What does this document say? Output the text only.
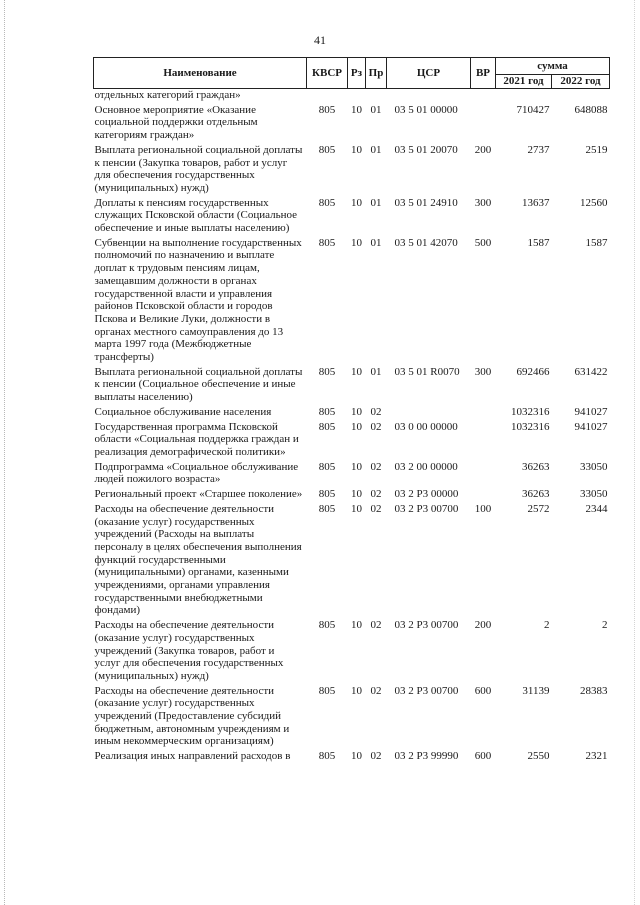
41
Наименование	КВСР	Рз	Пр	ЦСР	ВР	сумма	
						2021 год	2022 год
отдельных категорий граждан»							
Основное мероприятие «Оказание социальной поддержки отдельным категориям граждан»	805	10	01	03 5 01 00000		710427	648088
Выплата региональной социальной доплаты к пенсии (Закупка товаров, работ и услуг для обеспечения государственных (муниципальных) нужд)	805	10	01	03 5 01 20070	200	2737	2519
Доплаты к пенсиям государственных служащих Псковской области (Социальное обеспечение и иные выплаты населению)	805	10	01	03 5 01 24910	300	13637	12560
Субвенции на выполнение государственных полномочий по назначению и выплате доплат к трудовым пенсиям лицам, замещавшим должности в органах государственной власти и управления районов Псковской области и городов Пскова и Великие Луки, должности в органах местного самоуправления до 13 марта 1997 года (Межбюджетные трансферты)	805	10	01	03 5 01 42070	500	1587	1587
Выплата региональной социальной доплаты к пенсии (Социальное обеспечение и иные выплаты населению)	805	10	01	03 5 01 R0070	300	692466	631422
Социальное обслуживание населения	805	10	02			1032316	941027
Государственная программа Псковской области «Социальная поддержка граждан и реализация демографической политики»	805	10	02	03 0 00 00000		1032316	941027
Подпрограмма «Социальное обслуживание людей пожилого возраста»	805	10	02	03 2 00 00000		36263	33050
Региональный проект «Старшее поколение»	805	10	02	03 2 P3 00000		36263	33050
Расходы на обеспечение деятельности (оказание услуг) государственных учреждений (Расходы на выплаты персоналу в целях обеспечения выполнения функций государственными (муниципальными) органами, казенными учреждениями, органами управления государственными внебюджетными фондами)	805	10	02	03 2 P3 00700	100	2572	2344
Расходы на обеспечение деятельности (оказание услуг) государственных учреждений (Закупка товаров, работ и услуг для обеспечения государственных (муниципальных) нужд)	805	10	02	03 2 P3 00700	200	2	2
Расходы на обеспечение деятельности (оказание услуг) государственных учреждений (Предоставление субсидий бюджетным, автономным учреждениям и иным некоммерческим организациям)	805	10	02	03 2 P3 00700	600	31139	28383
Реализация иных направлений расходов в	805	10	02	03 2 P3 99990	600	2550	2321
